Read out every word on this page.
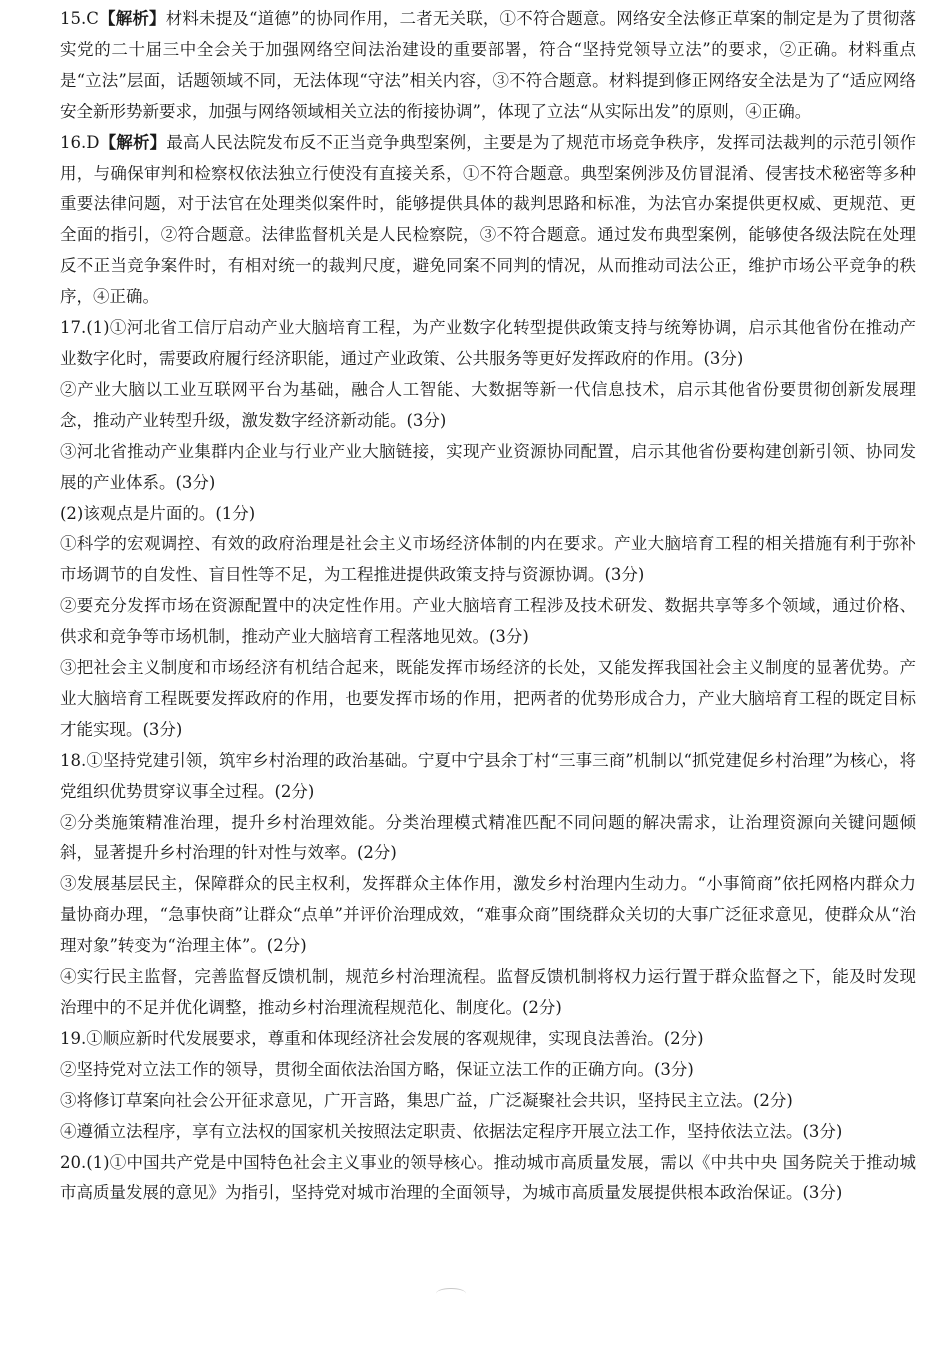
15.C【解析】材料未提及“道德”的协同作用，二者无关联，①不符合题意。网络安全法修正草案的制定是为了贯彻落实党的二十届三中全会关于加强网络空间法治建设的重要部署，符合“坚持党领导立法”的要求，②正确。材料重点是“立法”层面，话题领域不同，无法体现“守法”相关内容，③不符合题意。材料提到修正网络安全法是为了“适应网络安全新形势新要求，加强与网络领域相关立法的衔接协调”，体现了立法“从实际出发”的原则，④正确。

16.D【解析】最高人民法院发布反不正当竞争典型案例，主要是为了规范市场竞争秩序，发挥司法裁判的示范引领作用，与确保审判和检察权依法独立行使没有直接关系，①不符合题意。典型案例涉及仿冒混淆、侵害技术秘密等多种重要法律问题，对于法官在处理类似案件时，能够提供具体的裁判思路和标准，为法官办案提供更权威、更规范、更全面的指引，②符合题意。法律监督机关是人民检察院，③不符合题意。通过发布典型案例，能够使各级法院在处理反不正当竞争案件时，有相对统一的裁判尺度，避免同案不同判的情况，从而推动司法公正，维护市场公平竞争的秩序，④正确。

17.(1)①河北省工信厅启动产业大脑培育工程，为产业数字化转型提供政策支持与统筹协调，启示其他省份在推动产业数字化时，需要政府履行经济职能，通过产业政策、公共服务等更好发挥政府的作用。(3分)

②产业大脑以工业互联网平台为基础，融合人工智能、大数据等新一代信息技术，启示其他省份要贯彻创新发展理念，推动产业转型升级，激发数字经济新动能。(3分)

③河北省推动产业集群内企业与行业产业大脑链接，实现产业资源协同配置，启示其他省份要构建创新引领、协同发展的产业体系。(3分)

(2)该观点是片面的。(1分)

①科学的宏观调控、有效的政府治理是社会主义市场经济体制的内在要求。产业大脑培育工程的相关措施有利于弥补市场调节的自发性、盲目性等不足，为工程推进提供政策支持与资源协调。(3分)

②要充分发挥市场在资源配置中的决定性作用。产业大脑培育工程涉及技术研发、数据共享等多个领域，通过价格、供求和竞争等市场机制，推动产业大脑培育工程落地见效。(3分)

③把社会主义制度和市场经济有机结合起来，既能发挥市场经济的长处，又能发挥我国社会主义制度的显著优势。产业大脑培育工程既要发挥政府的作用，也要发挥市场的作用，把两者的优势形成合力，产业大脑培育工程的既定目标才能实现。(3分)

18.①坚持党建引领，筑牢乡村治理的政治基础。宁夏中宁县余丁村“三事三商”机制以“抓党建促乡村治理”为核心，将党组织优势贯穿议事全过程。(2分)

②分类施策精准治理，提升乡村治理效能。分类治理模式精准匹配不同问题的解决需求，让治理资源向关键问题倾斜，显著提升乡村治理的针对性与效率。(2分)

③发展基层民主，保障群众的民主权利，发挥群众主体作用，激发乡村治理内生动力。“小事简商”依托网格内群众力量协商办理，“急事快商”让群众“点单”并评价治理成效，“难事众商”围绕群众关切的大事广泛征求意见，使群众从“治理对象”转变为“治理主体”。(2分)

④实行民主监督，完善监督反馈机制，规范乡村治理流程。监督反馈机制将权力运行置于群众监督之下，能及时发现治理中的不足并优化调整，推动乡村治理流程规范化、制度化。(2分)

19.①顺应新时代发展要求，尊重和体现经济社会发展的客观规律，实现良法善治。(2分)

②坚持党对立法工作的领导，贯彻全面依法治国方略，保证立法工作的正确方向。(3分)

③将修订草案向社会公开征求意见，广开言路，集思广益，广泛凝聚社会共识，坚持民主立法。(2分)

④遵循立法程序，享有立法权的国家机关按照法定职责、依据法定程序开展立法工作，坚持依法立法。(3分)

20.(1)①中国共产党是中国特色社会主义事业的领导核心。推动城市高质量发展，需以《中共中央 国务院关于推动城市高质量发展的意见》为指引，坚持党对城市治理的全面领导，为城市高质量发展提供根本政治保证。(3分)
